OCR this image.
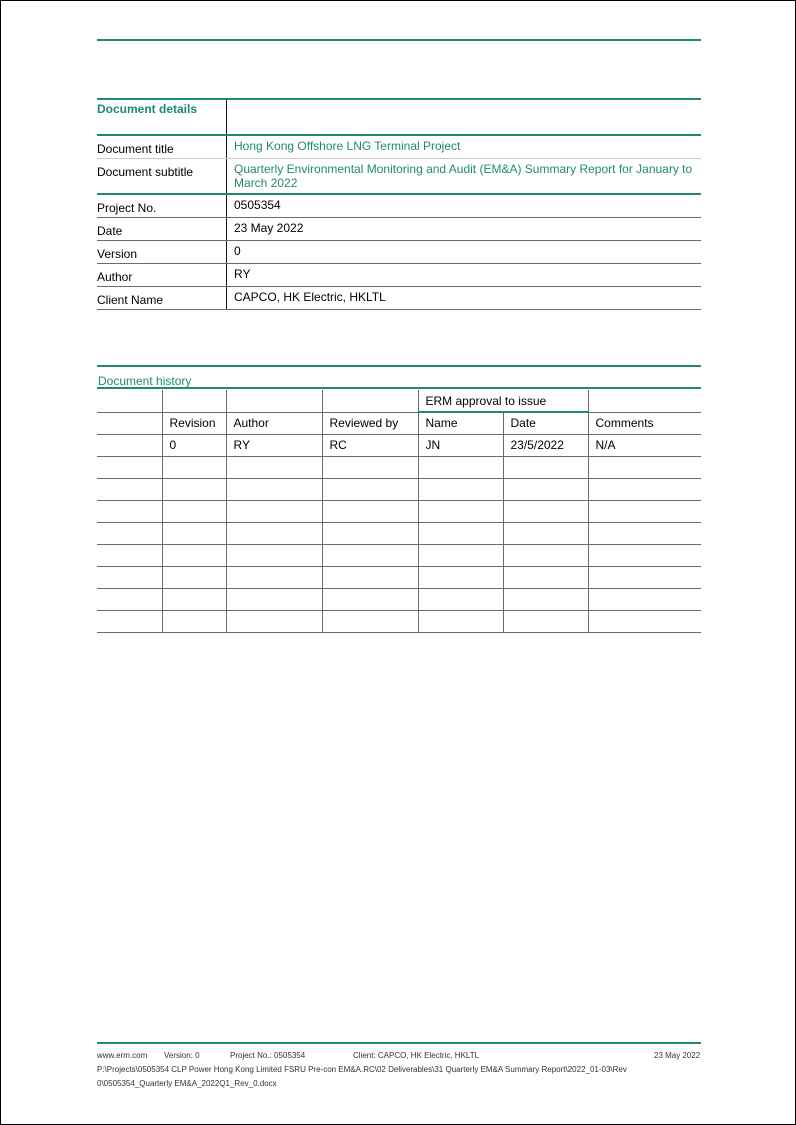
Document details	
Document title	Hong Kong Offshore LNG Terminal Project
Document subtitle	Quarterly Environmental Monitoring and Audit (EM&A) Summary Report for January to
March 2022

Project No.	0505354
Date	23 May 2022
Version	0
Author	RY
Client Name	CAPCO, HK Electric, HKLTL
Document history
				ERM approval to issue		
	Revision	Author	Reviewed by	Name	Date	Comments
	0	RY	RC	JN	23/5/2022	N/A

www.erm.com Version: 0	Project No.: 0505354	Client: CAPCO, HK Electric, HKLTL	23 May 2022
P:\Projects\0505354 CLP Power Hong Kong Limited FSRU Pre-con EM&A.RC\02 Deliverables\31 Quarterly EM&A Summary Report\2022_01-03\Rev
0\0505354_Quarterly EM&A_2022Q1_Rev_0.docx
